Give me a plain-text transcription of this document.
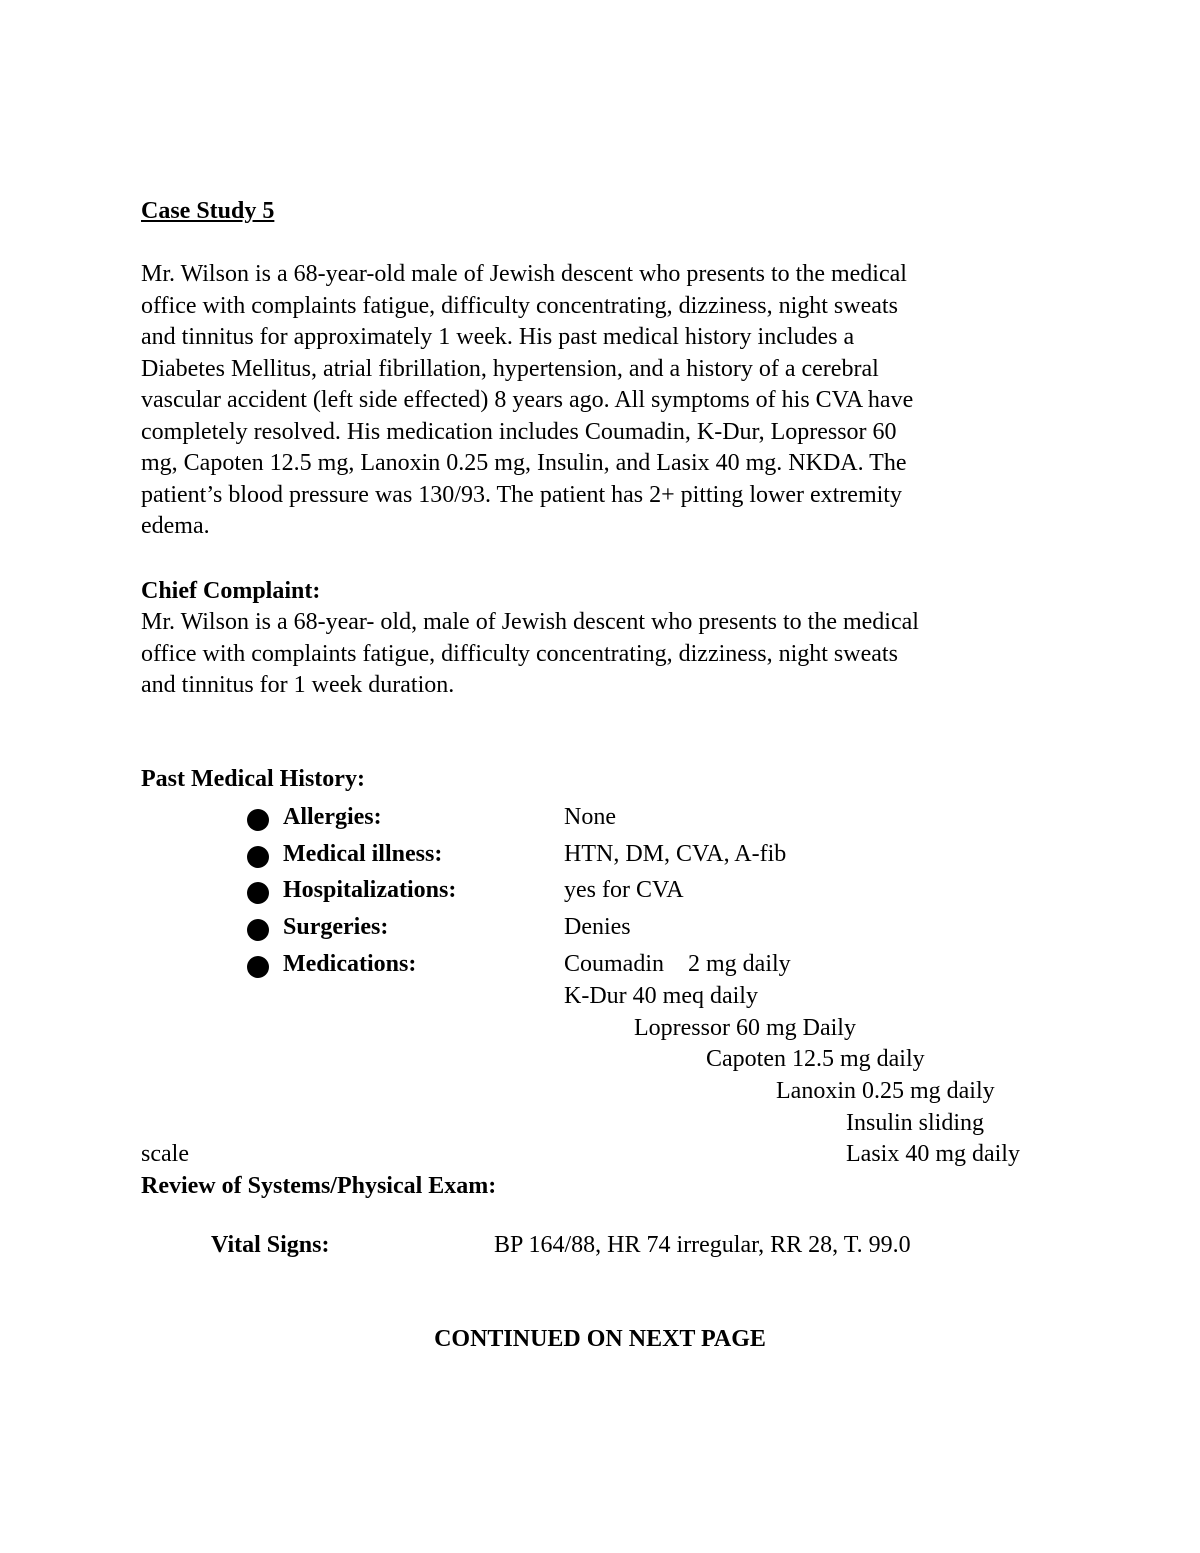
Case Study 5
Mr. Wilson is a 68-year-old male of Jewish descent who presents to the medical
office with complaints fatigue, difficulty concentrating, dizziness, night sweats
and tinnitus for approximately 1 week. His past medical history includes a
Diabetes Mellitus, atrial fibrillation, hypertension, and a history of a cerebral
vascular accident (left side effected) 8 years ago. All symptoms of his CVA have
completely resolved. His medication includes Coumadin, K-Dur, Lopressor 60
mg, Capoten 12.5 mg, Lanoxin 0.25 mg, Insulin, and Lasix 40 mg. NKDA. The
patient’s blood pressure was 130/93. The patient has 2+ pitting lower extremity
edema.
Chief Complaint:
Mr. Wilson is a 68-year- old, male of Jewish descent who presents to the medical
office with complaints fatigue, difficulty concentrating, dizziness, night sweats
and tinnitus for 1 week duration.
Past Medical History:
Allergies:	None
Medical illness:	HTN, DM, CVA, A-fib
Hospitalizations:	yes for CVA
Surgeries:	Denies
Medications:	Coumadin    2 mg daily
K-Dur 40 meq daily
Lopressor 60 mg Daily
Capoten 12.5 mg daily
Lanoxin 0.25 mg daily
Insulin sliding
scale	Lasix 40 mg daily
Review of Systems/Physical Exam:
Vital Signs:	BP 164/88, HR 74 irregular, RR 28, T. 99.0
CONTINUED ON NEXT PAGE
